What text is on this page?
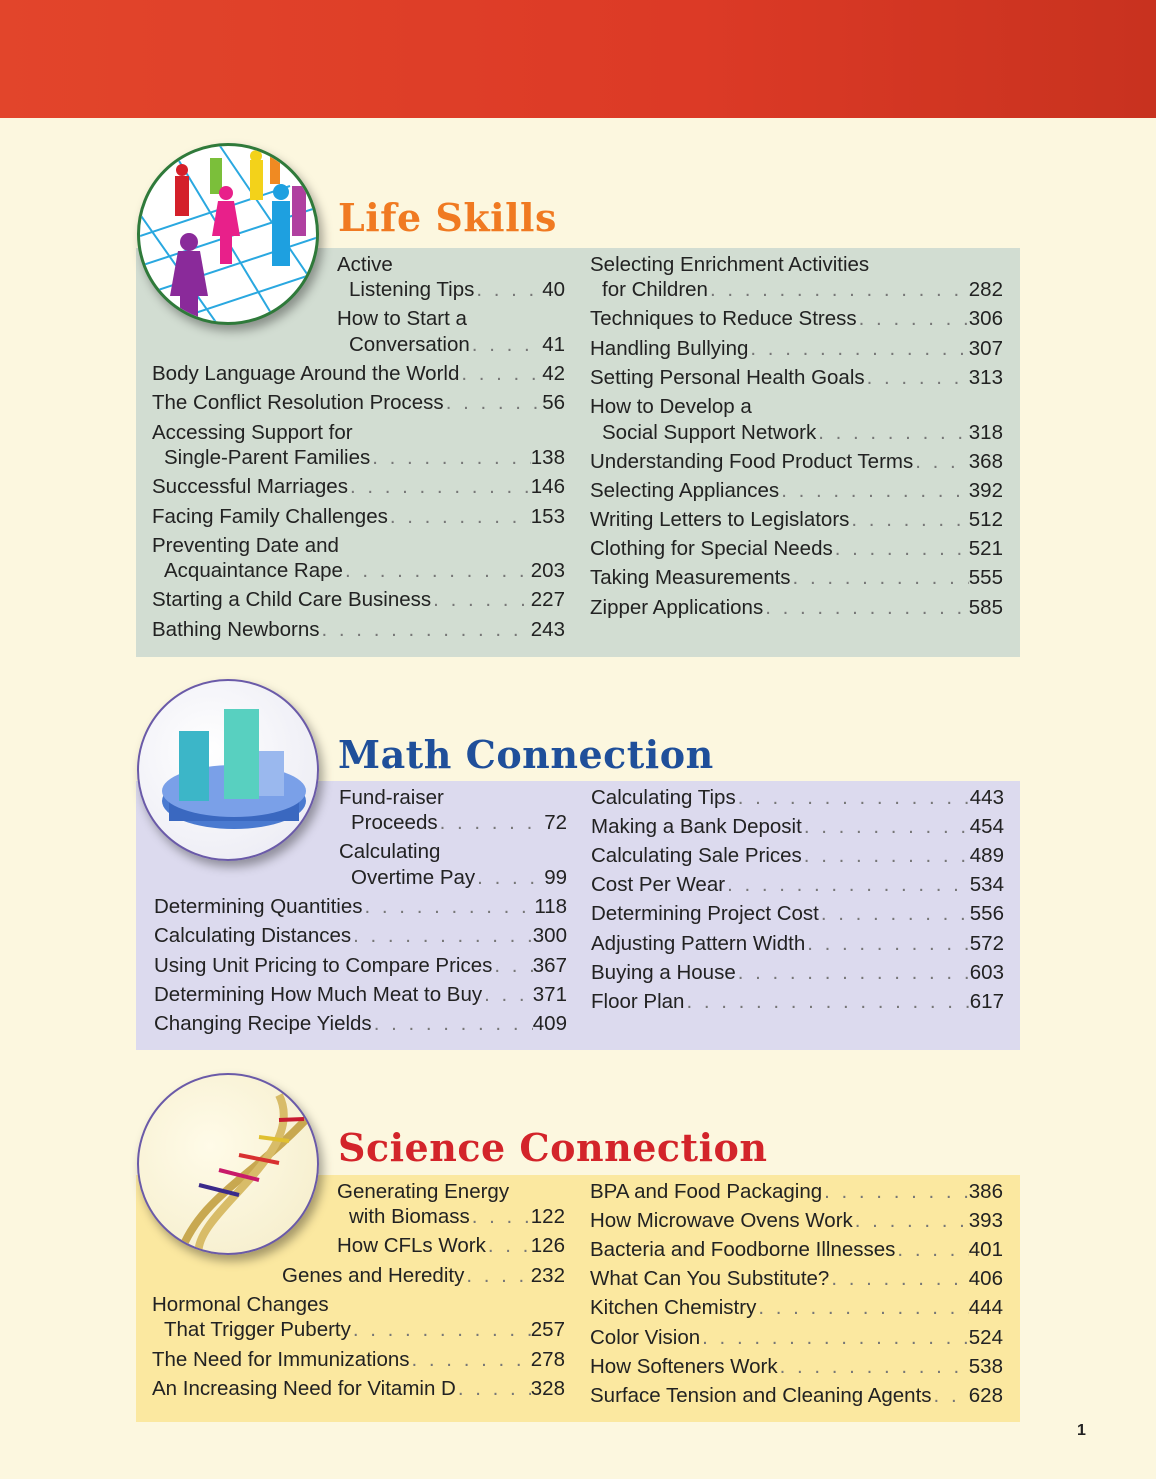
Life Skills
Active
Listening Tips . . .	40
How to Start a
Conversation . . .	41
Body Language Around the World . . .	42
The Conflict Resolution Process . . .	56
Accessing Support for
Single-Parent Families . . .	138
Successful Marriages . . .	146
Facing Family Challenges . . .	153
Preventing Date and
Acquaintance Rape . . .	203
Starting a Child Care Business . . .	227
Bathing Newborns . . .	243
Selecting Enrichment Activities
for Children . . .	282
Techniques to Reduce Stress . . .	306
Handling Bullying . . .	307
Setting Personal Health Goals . . .	313
How to Develop a
Social Support Network . . .	318
Understanding Food Product Terms . . .	368
Selecting Appliances . . .	392
Writing Letters to Legislators . . .	512
Clothing for Special Needs . . .	521
Taking Measurements . . .	555
Zipper Applications . . .	585
Math Connection
Fund-raiser
Proceeds . . .	72
Calculating
Overtime Pay . . .	99
Determining Quantities . . .	118
Calculating Distances . . .	300
Using Unit Pricing to Compare Prices . . . 367
Determining How Much Meat to Buy . . . 371
Changing Recipe Yields . . .	409
Calculating Tips . . .	443
Making a Bank Deposit . . .	454
Calculating Sale Prices . . .	489
Cost Per Wear . . .	534
Determining Project Cost . . .	556
Adjusting Pattern Width . . .	572
Buying a House . . .	603
Floor Plan . . .	617
Science Connection
Generating Energy
with Biomass . . .	122
How CFLs Work . . . 126
Genes and Heredity . . .	232
Hormonal Changes
That Trigger Puberty . . .	257
The Need for Immunizations . . .	278
An Increasing Need for Vitamin D . . .	328
BPA and Food Packaging . . .	386
How Microwave Ovens Work . . .	393
Bacteria and Foodborne Illnesses . . .	401
What Can You Substitute? . . .	406
Kitchen Chemistry . . .	444
Color Vision . . .	524
How Softeners Work . . .	538
Surface Tension and Cleaning Agents . . . 628
1
